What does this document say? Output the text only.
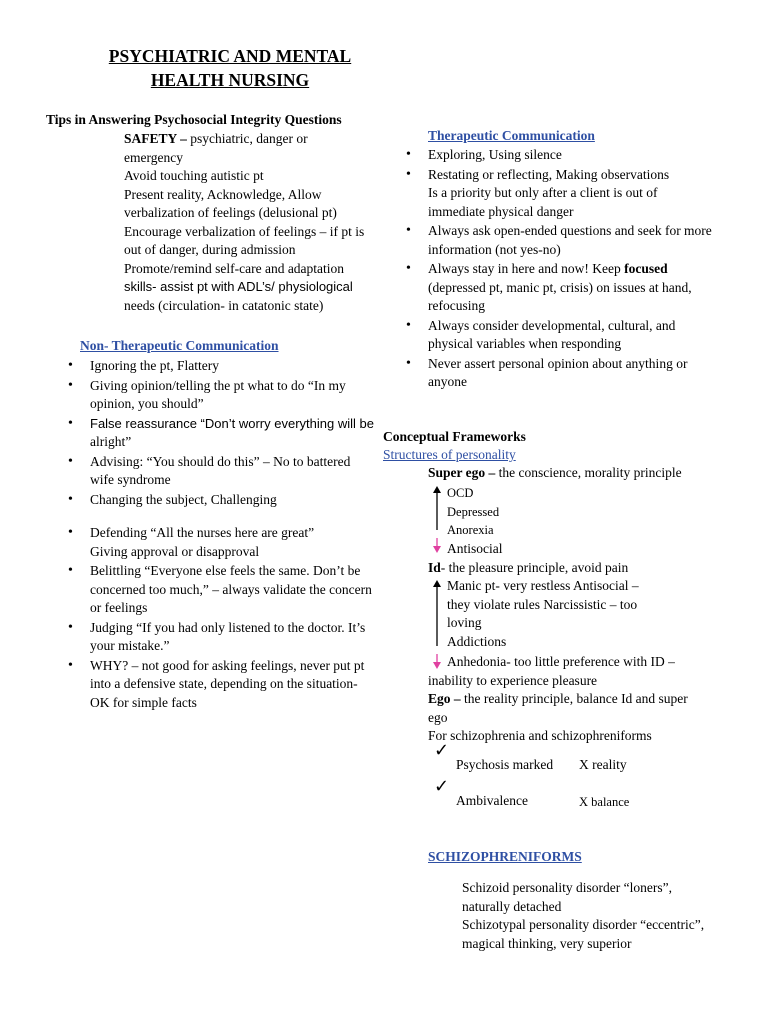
PSYCHIATRIC AND MENTAL
HEALTH NURSING
Tips in Answering Psychosocial Integrity Questions
SAFETY – psychiatric, danger or
emergency
Avoid touching autistic pt
Present reality, Acknowledge, Allow
verbalization of feelings (delusional pt)
Encourage verbalization of feelings – if pt is
out of danger, during admission
Promote/remind self-care and adaptation
skills- assist pt with ADL’s/ physiological
needs (circulation- in catatonic state)
Non- Therapeutic Communication
• Ignoring the pt, Flattery
• Giving opinion/telling the pt what to do “In my
opinion, you should”
• False reassurance “Don’t worry everything will be
alright”
• Advising: “You should do this” – No to battered
wife syndrome
• Changing the subject, Challenging
• Defending “All the nurses here are great”
Giving approval or disapproval
• Belittling “Everyone else feels the same. Don’t be
concerned too much,” – always validate the concern
or feelings
• Judging “If you had only listened to the doctor. It’s
your mistake.”
• WHY? – not good for asking feelings, never put pt
into a defensive state, depending on the situation-
OK for simple facts
Therapeutic Communication
• Exploring, Using silence
• Restating or reflecting, Making observations
Is a priority but only after a client is out of
immediate physical danger
• Always ask open-ended questions and seek for more
information (not yes-no)
• Always stay in here and now! Keep focused
(depressed pt, manic pt, crisis) on issues at hand,
refocusing
• Always consider developmental, cultural, and
physical variables when responding
• Never assert personal opinion about anything or
anyone
Conceptual Frameworks
Structures of personality
Super ego – the conscience, morality principle
OCD
Depressed
Anorexia
Antisocial
Id- the pleasure principle, avoid pain
Manic pt- very restless Antisocial –
they violate rules Narcissistic – too
loving
Addictions
Anhedonia- too little preference with ID –
inability to experience pleasure
Ego – the reality principle, balance Id and super
ego
For schizophrenia and schizophreniforms
✓
Psychosis marked X reality
✓
Ambivalence	X balance
SCHIZOPHRENIFORMS
Schizoid personality disorder “loners”,
naturally detached
Schizotypal personality disorder “eccentric”,
magical thinking, very superior
